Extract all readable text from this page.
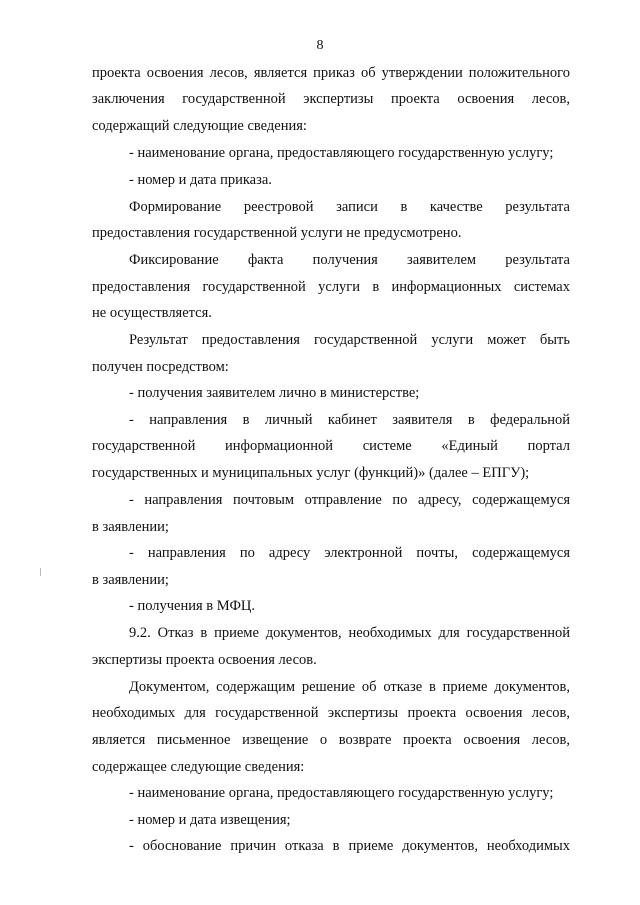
8
проекта освоения лесов, является приказ об утверждении положительного
заключения государственной экспертизы проекта освоения лесов,
содержащий следующие сведения:
- наименование органа, предоставляющего государственную услугу;
- номер и дата приказа.
Формирование реестровой записи в качестве результата
предоставления государственной услуги не предусмотрено.
Фиксирование факта получения заявителем результата
предоставления государственной услуги в информационных системах
не осуществляется.
Результат предоставления государственной услуги может быть
получен посредством:
- получения заявителем лично в министерстве;
- направления в личный кабинет заявителя в федеральной
государственной информационной системе «Единый портал
государственных и муниципальных услуг (функций)» (далее – ЕПГУ);
- направления почтовым отправление по адресу, содержащемуся
в заявлении;
- направления по адресу электронной почты, содержащемуся
в заявлении;
- получения в МФЦ.
9.2. Отказ в приеме документов, необходимых для государственной
экспертизы проекта освоения лесов.
Документом, содержащим решение об отказе в приеме документов,
необходимых для государственной экспертизы проекта освоения лесов,
является письменное извещение о возврате проекта освоения лесов,
содержащее следующие сведения:
- наименование органа, предоставляющего государственную услугу;
- номер и дата извещения;
- обоснование причин отказа в приеме документов, необходимых
